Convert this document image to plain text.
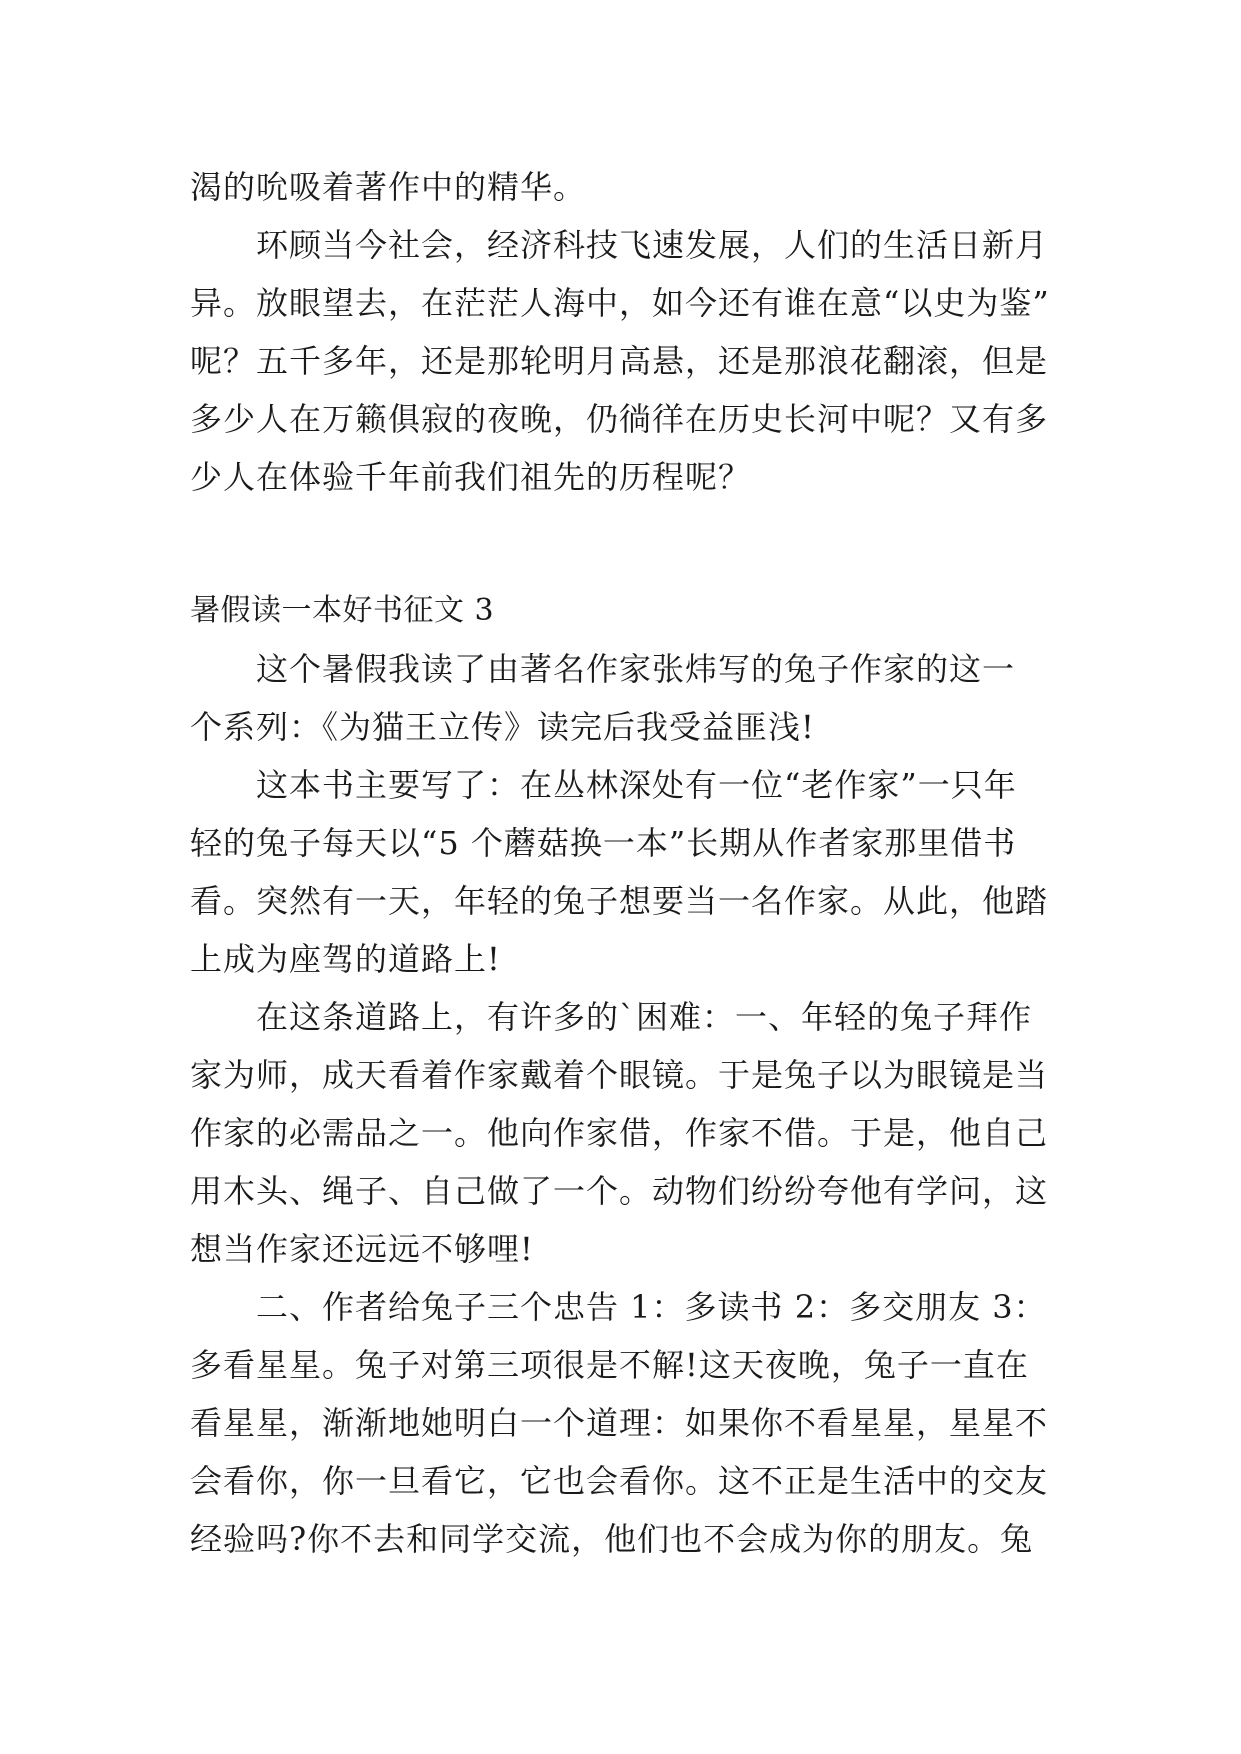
渴的吮吸着著作中的精华。
环顾当今社会，经济科技飞速发展，人们的生活日新月
异。放眼望去，在茫茫人海中，如今还有谁在意“以史为鉴”
呢？五千多年，还是那轮明月高悬，还是那浪花翻滚，但是
多少人在万籁俱寂的夜晚，仍徜徉在历史长河中呢？又有多
少人在体验千年前我们祖先的历程呢？
暑假读一本好书征文 3
这个暑假我读了由著名作家张炜写的兔子作家的这一
个系列：《为猫王立传》读完后我受益匪浅!
这本书主要写了：在丛林深处有一位“老作家”一只年
轻的兔子每天以“5 个蘑菇换一本”长期从作者家那里借书
看。突然有一天，年轻的兔子想要当一名作家。从此，他踏
上成为座驾的道路上!
在这条道路上，有许多的`困难：一、年轻的兔子拜作
家为师，成天看着作家戴着个眼镜。于是兔子以为眼镜是当
作家的必需品之一。他向作家借，作家不借。于是，他自己
用木头、绳子、自己做了一个。动物们纷纷夸他有学问，这
想当作家还远远不够哩!
二、作者给兔子三个忠告 1：多读书 2：多交朋友 3：
多看星星。兔子对第三项很是不解!这天夜晚，兔子一直在
看星星，渐渐地她明白一个道理：如果你不看星星，星星不
会看你，你一旦看它，它也会看你。这不正是生活中的交友
经验吗?你不去和同学交流，他们也不会成为你的朋友。兔
